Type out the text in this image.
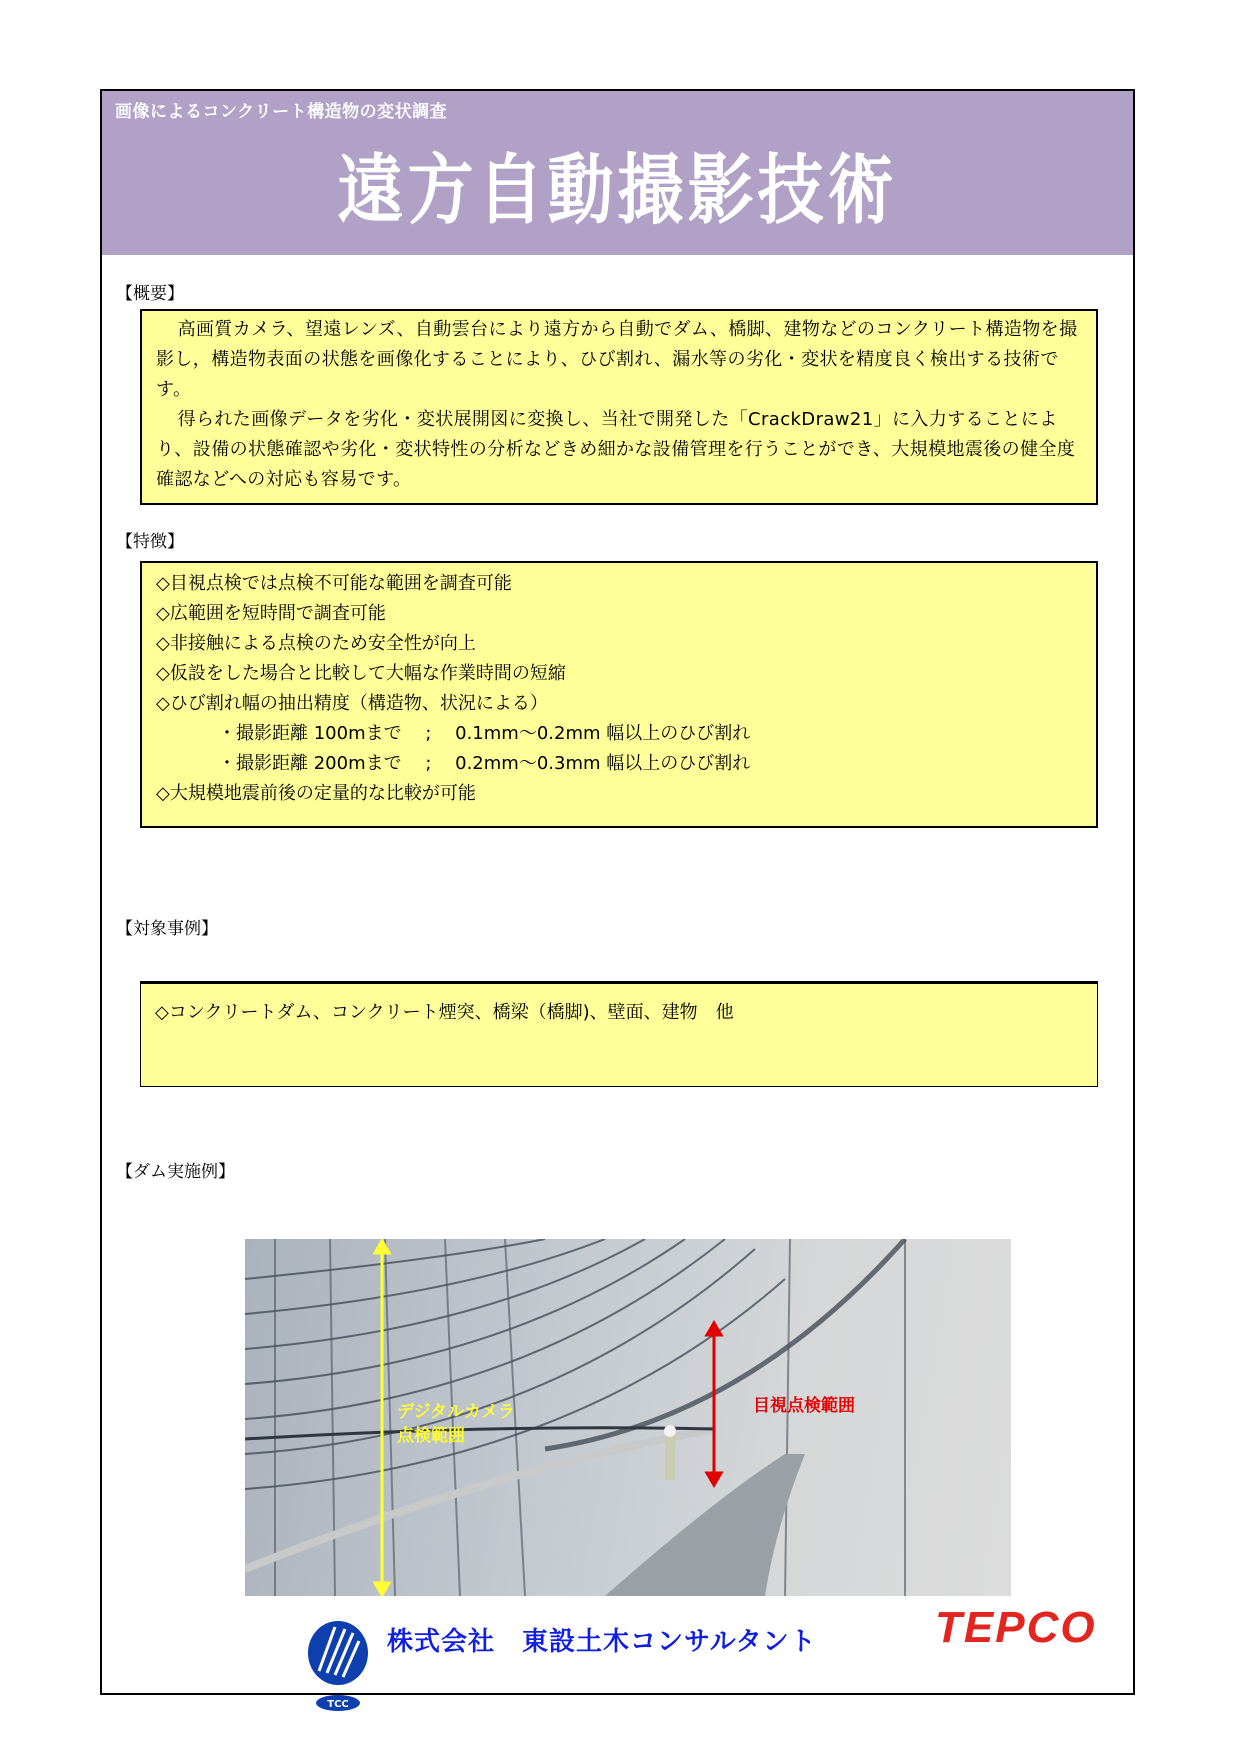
画像によるコンクリート構造物の変状調査
遠方自動撮影技術
【概要】

高画質カメラ、望遠レンズ、自動雲台により遠方から自動でダム、橋脚、建物などのコンクリート構造物を撮影し，構造物表面の状態を画像化することにより、ひび割れ、漏水等の劣化・変状を精度良く検出する技術です。

得られた画像データを劣化・変状展開図に変換し、当社で開発した「CrackDraw21」に入力することにより、設備の状態確認や劣化・変状特性の分析などきめ細かな設備管理を行うことができ、大規模地震後の健全度確認などへの対応も容易です。

【特徴】
◇目視点検では点検不可能な範囲を調査可能
◇広範囲を短時間で調査可能
◇非接触による点検のため安全性が向上
◇仮設をした場合と比較して大幅な作業時間の短縮
◇ひび割れ幅の抽出精度（構造物、状況による）
・撮影距離 100mまで　 ;　 0.1mm～0.2mm 幅以上のひび割れ
・撮影距離 200mまで　 ;　 0.2mm～0.3mm 幅以上のひび割れ
◇大規模地震前後の定量的な比較が可能
【対象事例】
◇コンクリートダム、コンクリート煙突、橋梁（橋脚)、壁面、建物　他
【ダム実施例】
デジタルカメラ
点検範囲
目視点検範囲
TCC
株式会社　東設土木コンサルタント	TEPCO
